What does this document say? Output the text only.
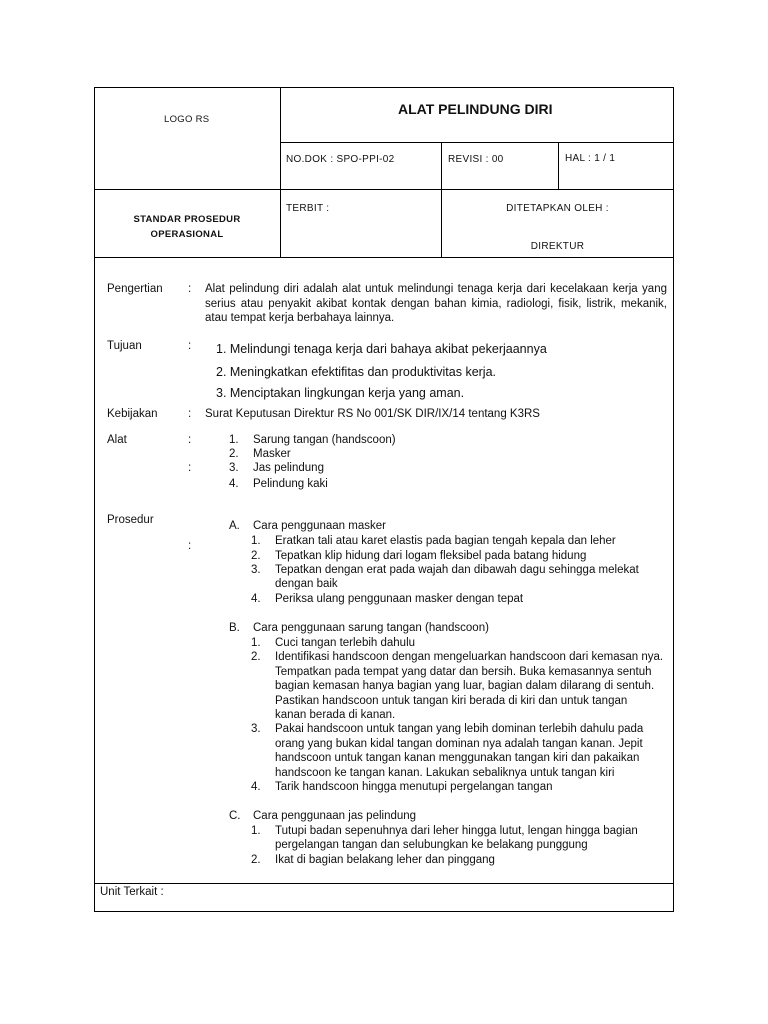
LOGO RS
ALAT PELINDUNG DIRI
NO.DOK : SPO-PPI-02	REVISI : 00	HAL : 1 / 1
STANDAR PROSEDUR
OPERASIONAL
TERBIT :	DITETAPKAN OLEH :
DIREKTUR
Pengertian : Alat pelindung diri adalah alat untuk melindungi tenaga kerja dari kecelakaan kerja yang serius atau penyakit akibat kontak dengan bahan kimia, radiologi, fisik, listrik, mekanik, atau tempat kerja berbahaya lainnya.
Tujuan	: 1. Melindungi tenaga kerja dari bahaya akibat pekerjaannya
2. Meningkatkan efektifitas dan produktivitas kerja.
3. Menciptakan lingkungan kerja yang aman.
Kebijakan	: Surat Keputusan Direktur RS No 001/SK DIR/IX/14 tentang K3RS
Alat	:
:
1. Sarung tangan (handscoon)
2. Masker
3. Jas pelindung
4. Pelindung kaki
Prosedur
:
A. Cara penggunaan masker
1. Eratkan tali atau karet elastis pada bagian tengah kepala dan leher
2. Tepatkan klip hidung dari logam fleksibel pada batang hidung
3. Tepatkan dengan erat pada wajah dan dibawah dagu sehingga melekat
dengan baik
4. Periksa ulang penggunaan masker dengan tepat
B. Cara penggunaan sarung tangan (handscoon)
1. Cuci tangan terlebih dahulu
2. Identifikasi handscoon dengan mengeluarkan handscoon dari kemasan nya.
Tempatkan pada tempat yang datar dan bersih. Buka kemasannya sentuh
bagian kemasan hanya bagian yang luar, bagian dalam dilarang di sentuh.
Pastikan handscoon untuk tangan kiri berada di kiri dan untuk tangan
kanan berada di kanan.
3. Pakai handscoon untuk tangan yang lebih dominan terlebih dahulu pada
orang yang bukan kidal tangan dominan nya adalah tangan kanan. Jepit
handscoon untuk tangan kanan menggunakan tangan kiri dan pakaikan
handscoon ke tangan kanan. Lakukan sebaliknya untuk tangan kiri
4. Tarik handscoon hingga menutupi pergelangan tangan
C. Cara penggunaan jas pelindung
1. Tutupi badan sepenuhnya dari leher hingga lutut, lengan hingga bagian
pergelangan tangan dan selubungkan ke belakang punggung
2. Ikat di bagian belakang leher dan pinggang
Unit Terkait :
